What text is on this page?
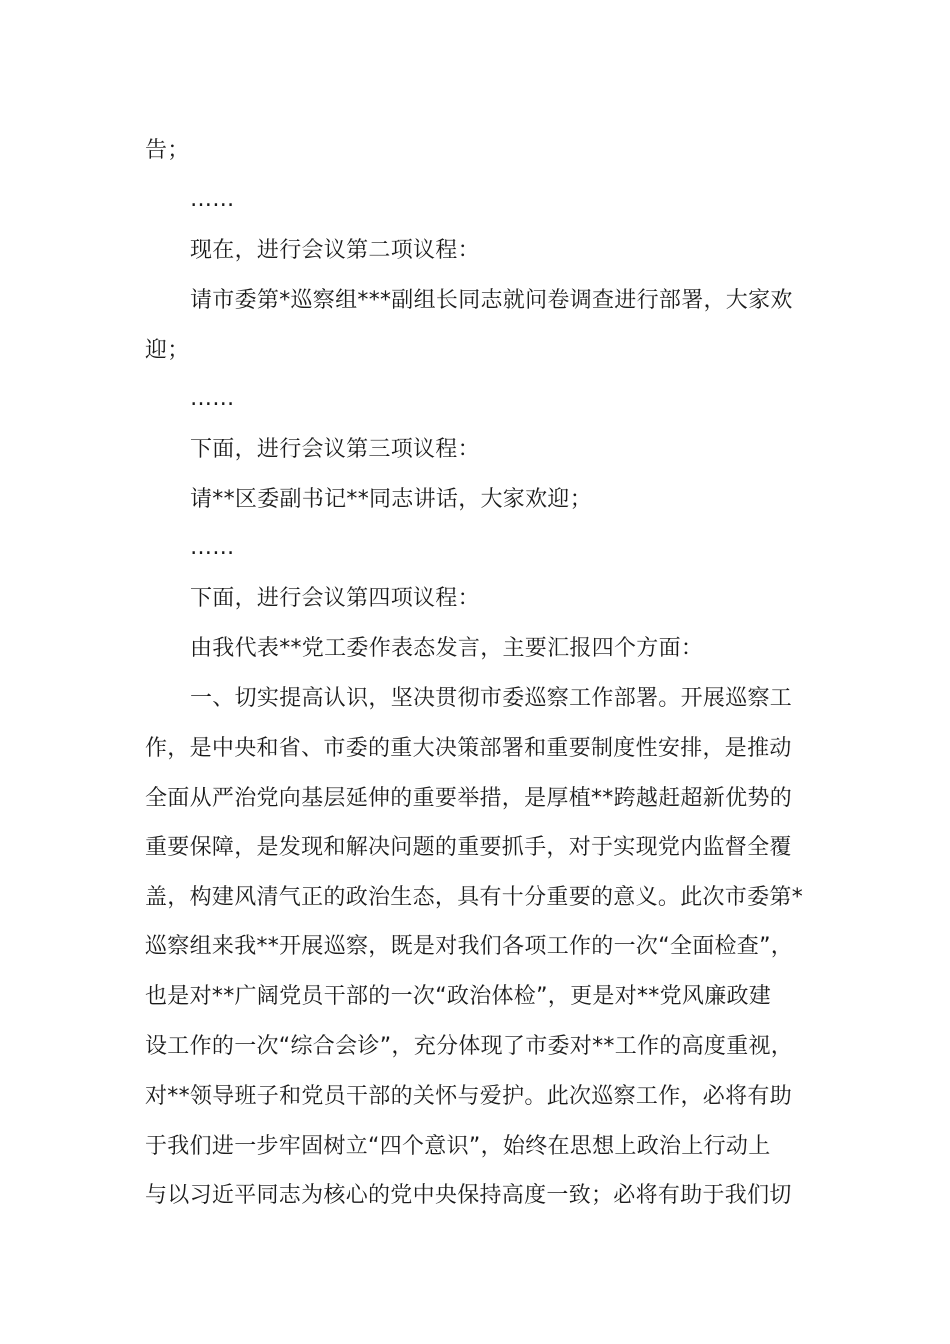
告；
……
现在，进行会议第二项议程：
请市委第*巡察组***副组长同志就问卷调查进行部署，大家欢
迎；
……
下面，进行会议第三项议程：
请**区委副书记**同志讲话，大家欢迎；
……
下面，进行会议第四项议程：
由我代表**党工委作表态发言，主要汇报四个方面：
一、切实提高认识，坚决贯彻市委巡察工作部署。开展巡察工
作，是中央和省、市委的重大决策部署和重要制度性安排，是推动
全面从严治党向基层延伸的重要举措，是厚植**跨越赶超新优势的
重要保障，是发现和解决问题的重要抓手，对于实现党内监督全覆
盖，构建风清气正的政治生态，具有十分重要的意义。此次市委第*
巡察组来我**开展巡察，既是对我们各项工作的一次“全面检查”，
也是对**广阔党员干部的一次“政治体检”，更是对**党风廉政建
设工作的一次“综合会诊”，充分体现了市委对**工作的高度重视，
对**领导班子和党员干部的关怀与爱护。此次巡察工作，必将有助
于我们进一步牢固树立“四个意识”，始终在思想上政治上行动上
与以习近平同志为核心的党中央保持高度一致；必将有助于我们切
